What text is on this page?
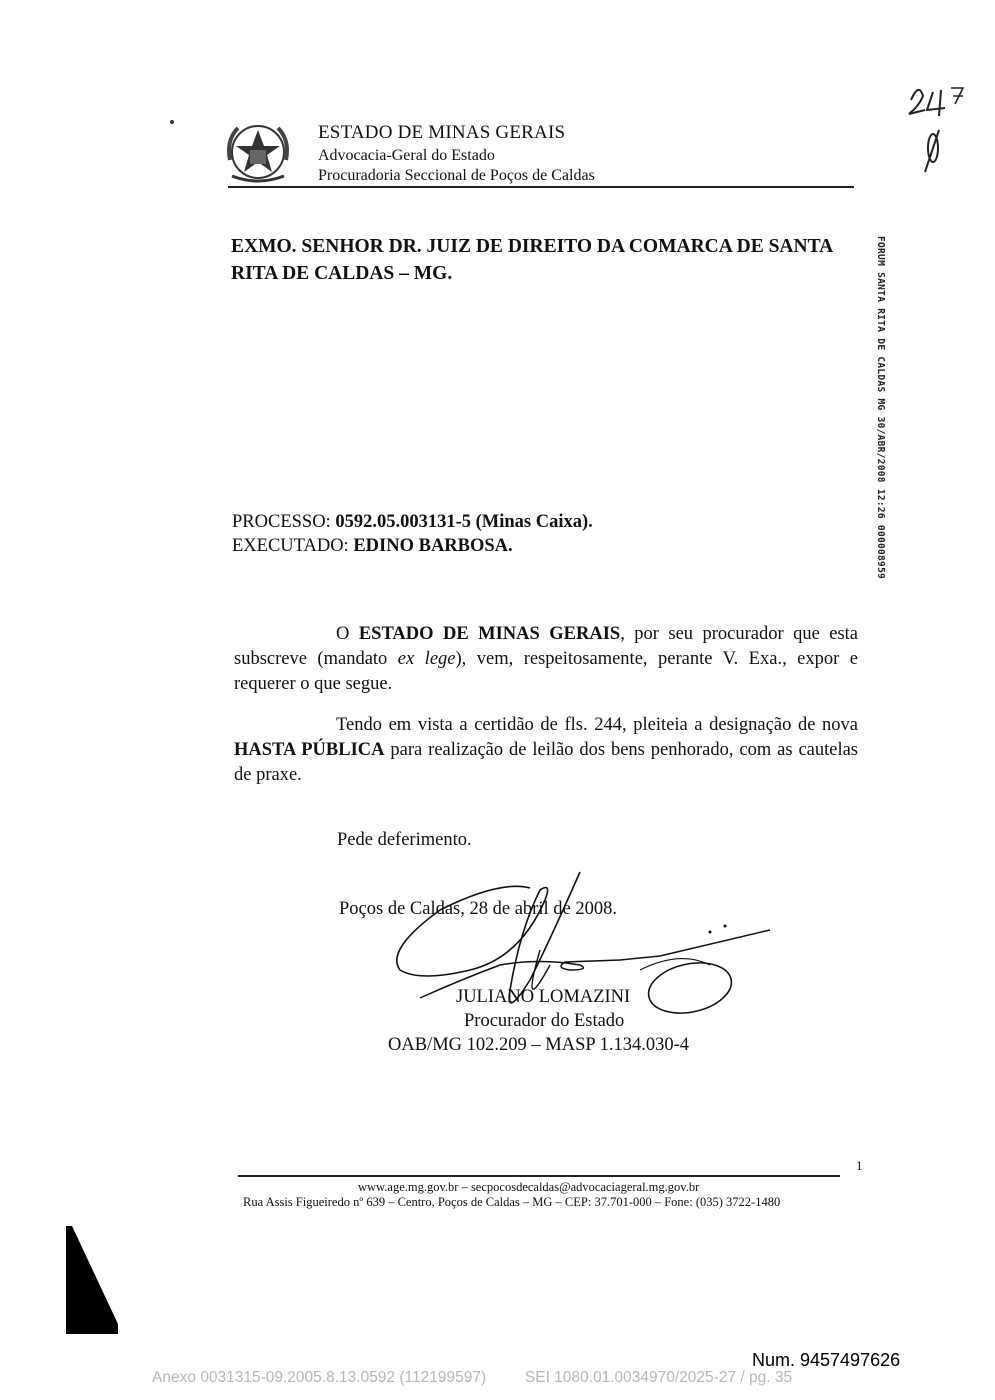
ESTADO DE MINAS GERAIS
Advocacia-Geral do Estado
Procuradoria Seccional de Poços de Caldas
EXMO. SENHOR DR. JUIZ DE DIREITO DA COMARCA DE SANTA RITA DE CALDAS – MG.	FORUM SANTA RITA DE CALDAS MG 30/ABR/2008 12:26 000008959
PROCESSO: 0592.05.003131-5 (Minas Caixa).
EXECUTADO: EDINO BARBOSA.
O ESTADO DE MINAS GERAIS, por seu procurador que esta subscreve (mandato ex lege), vem, respeitosamente, perante V. Exa., expor e requerer o que segue.
Tendo em vista a certidão de fls. 244, pleiteia a designação de nova HASTA PÚBLICA para realização de leilão dos bens penhorado, com as cautelas de praxe.
Pede deferimento.
Poços de Caldas, 28 de abril de 2008.
JULIANO LOMAZINI
Procurador do Estado
OAB/MG 102.209 – MASP 1.134.030-4
1
www.age.mg.gov.br – secpocosdecaldas@advocaciageral.mg.gov.br
Rua Assis Figueiredo nº 639 – Centro, Poços de Caldas – MG – CEP: 37.701-000 – Fone: (035) 3722-1480
Num. 9457497626
Anexo 0031315-09.2005.8.13.0592 (112199597)	SEI 1080.01.0034970/2025-27 / pg. 35
